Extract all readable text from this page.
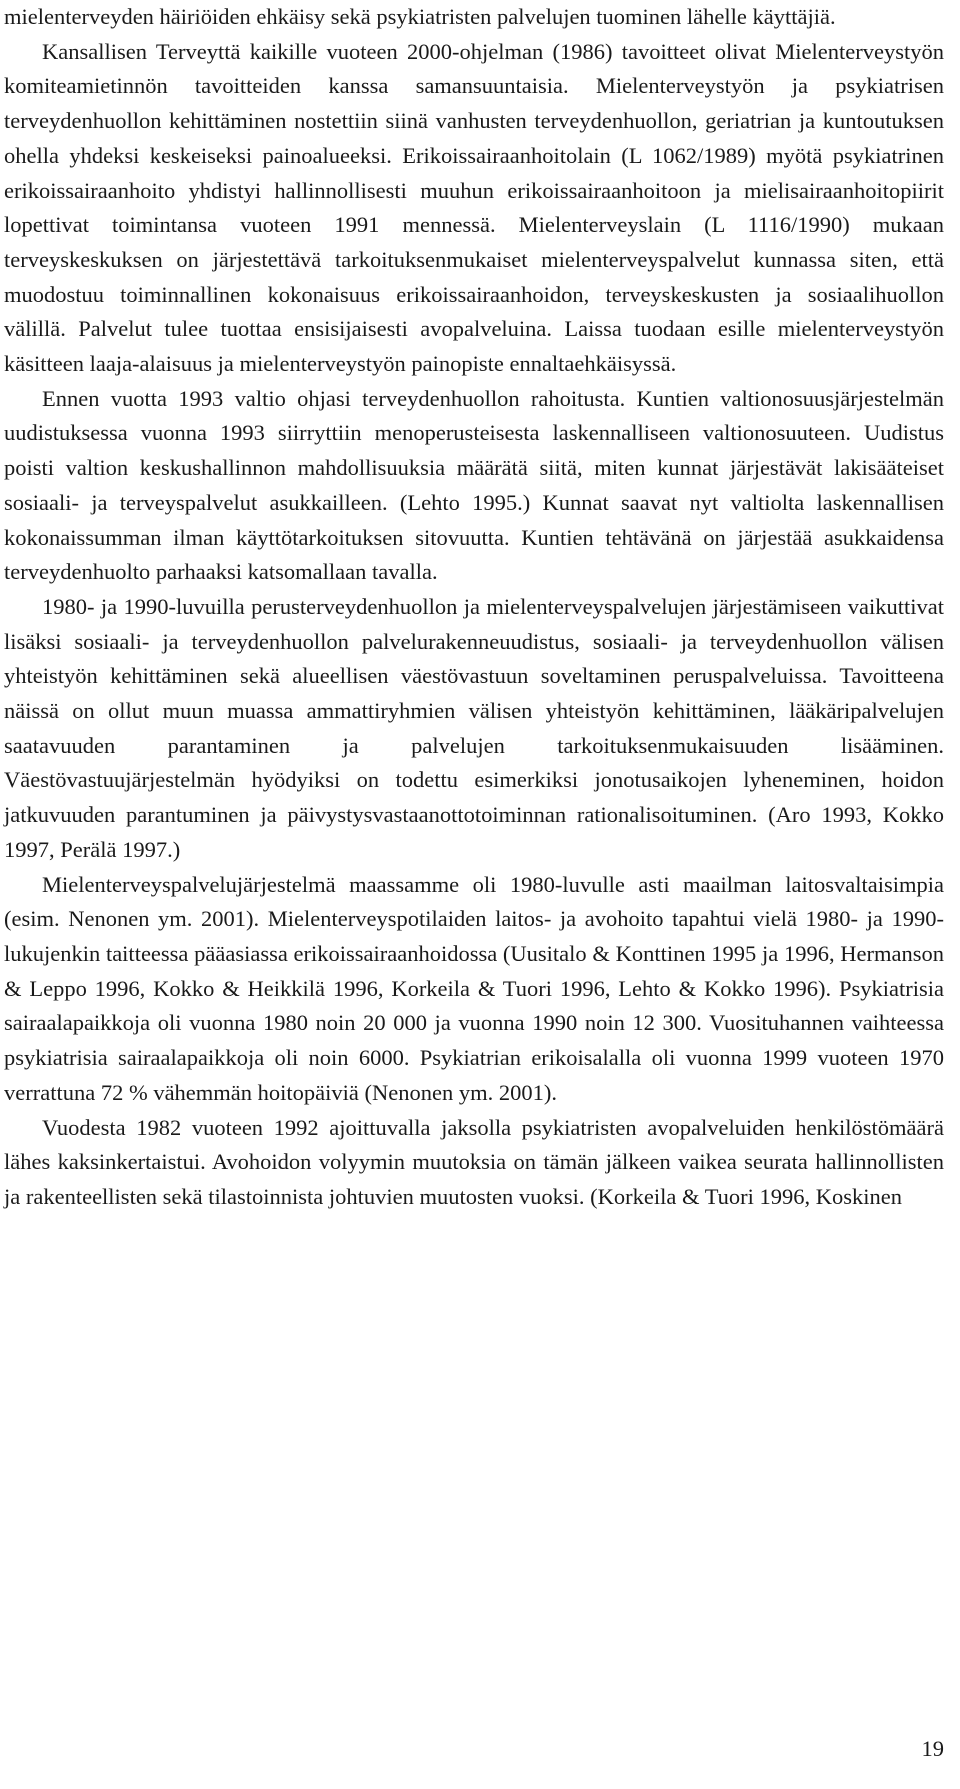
mielenterveyden häiriöiden ehkäisy sekä psykiatristen palvelujen tuominen lähelle käyttäjiä.

Kansallisen Terveyttä kaikille vuoteen 2000-ohjelman (1986) tavoitteet olivat Mielenterveystyön komiteamietinnön tavoitteiden kanssa samansuuntaisia. Mielenterveystyön ja psykiatrisen terveydenhuollon kehittäminen nostettiin siinä vanhusten terveydenhuollon, geriatrian ja kuntoutuksen ohella yhdeksi keskeiseksi painoalueeksi. Erikoissairaanhoitolain (L 1062/1989) myötä psykiatrinen erikoissairaanhoito yhdistyi hallinnollisesti muuhun erikoissairaanhoitoon ja mielisairaanhoitopiirit lopettivat toimintansa vuoteen 1991 mennessä. Mielenterveyslain (L 1116/1990) mukaan terveyskeskuksen on järjestettävä tarkoituksenmukaiset mielenterveyspalvelut kunnassa siten, että muodostuu toiminnallinen kokonaisuus erikoissairaanhoidon, terveyskeskusten ja sosiaalihuollon välillä. Palvelut tulee tuottaa ensisijaisesti avopalveluina. Laissa tuodaan esille mielenterveystyön käsitteen laaja-alaisuus ja mielenterveystyön painopiste ennaltaehkäisyssä.

Ennen vuotta 1993 valtio ohjasi terveydenhuollon rahoitusta. Kuntien valtionosuusjärjestelmän uudistuksessa vuonna 1993 siirryttiin menoperusteisesta laskennalliseen valtionosuuteen. Uudistus poisti valtion keskushallinnon mahdollisuuksia määrätä siitä, miten kunnat järjestävät lakisääteiset sosiaali- ja terveyspalvelut asukkailleen. (Lehto 1995.) Kunnat saavat nyt valtiolta laskennallisen kokonaissumman ilman käyttötarkoituksen sitovuutta. Kuntien tehtävänä on järjestää asukkaidensa terveydenhuolto parhaaksi katsomallaan tavalla.

1980- ja 1990-luvuilla perusterveydenhuollon ja mielenterveyspalvelujen järjestämiseen vaikuttivat lisäksi sosiaali- ja terveydenhuollon palvelurakenneuudistus, sosiaali- ja terveydenhuollon välisen yhteistyön kehittäminen sekä alueellisen väestövastuun soveltaminen peruspalveluissa. Tavoitteena näissä on ollut muun muassa ammattiryhmien välisen yhteistyön kehittäminen, lääkäripalvelujen saatavuuden parantaminen ja palvelujen tarkoituksenmukaisuuden lisääminen. Väestövastuujärjestelmän hyödyiksi on todettu esimerkiksi jonotusaikojen lyheneminen, hoidon jatkuvuuden parantuminen ja päivystysvastaanottotoiminnan rationalisoituminen. (Aro 1993, Kokko 1997, Perälä 1997.)

Mielenterveyspalvelujärjestelmä maassamme oli 1980-luvulle asti maailman laitosvaltaisimpia (esim. Nenonen ym. 2001). Mielenterveyspotilaiden laitos- ja avohoito tapahtui vielä 1980- ja 1990-lukujenkin taitteessa pääasiassa erikoissairaanhoidossa (Uusitalo & Konttinen 1995 ja 1996, Hermanson & Leppo 1996, Kokko & Heikkilä 1996, Korkeila & Tuori 1996, Lehto & Kokko 1996). Psykiatrisia sairaalapaikkoja oli vuonna 1980 noin 20 000 ja vuonna 1990 noin 12 300. Vuosituhannen vaihteessa psykiatrisia sairaalapaikkoja oli noin 6000. Psykiatrian erikoisalalla oli vuonna 1999 vuoteen 1970 verrattuna 72 % vähemmän hoitopäiviä (Nenonen ym. 2001).

Vuodesta 1982 vuoteen 1992 ajoittuvalla jaksolla psykiatristen avopalveluiden henkilöstömäärä lähes kaksinkertaistui. Avohoidon volyymin muutoksia on tämän jälkeen vaikea seurata hallinnollisten ja rakenteellisten sekä tilastoinnista johtuvien muutosten vuoksi. (Korkeila & Tuori 1996, Koskinen

19
